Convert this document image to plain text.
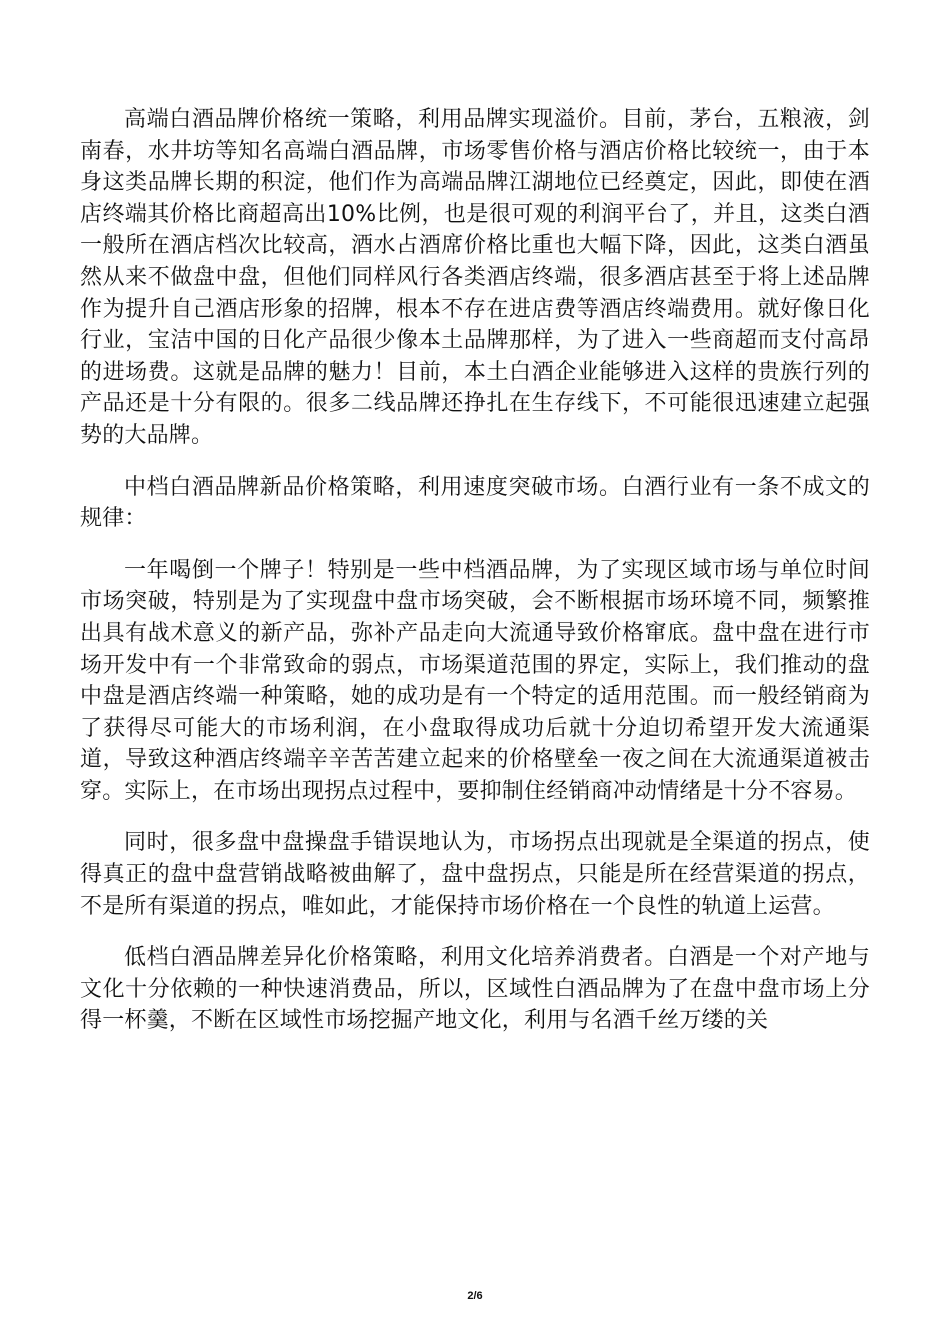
高端白酒品牌价格统一策略，利用品牌实现溢价。目前，茅台，五粮液，剑南春，水井坊等知名高端白酒品牌，市场零售价格与酒店价格比较统一，由于本身这类品牌长期的积淀，他们作为高端品牌江湖地位已经奠定，因此，即使在酒店终端其价格比商超高出10%比例，也是很可观的利润平台了，并且，这类白酒一般所在酒店档次比较高，酒水占酒席价格比重也大幅下降，因此，这类白酒虽然从来不做盘中盘，但他们同样风行各类酒店终端，很多酒店甚至于将上述品牌作为提升自己酒店形象的招牌，根本不存在进店费等酒店终端费用。就好像日化行业，宝洁中国的日化产品很少像本土品牌那样，为了进入一些商超而支付高昂的进场费。这就是品牌的魅力！目前，本土白酒企业能够进入这样的贵族行列的产品还是十分有限的。很多二线品牌还挣扎在生存线下，不可能很迅速建立起强势的大品牌。

中档白酒品牌新品价格策略，利用速度突破市场。白酒行业有一条不成文的规律：

一年喝倒一个牌子！特别是一些中档酒品牌，为了实现区域市场与单位时间市场突破，特别是为了实现盘中盘市场突破，会不断根据市场环境不同，频繁推出具有战术意义的新产品，弥补产品走向大流通导致价格窜底。盘中盘在进行市场开发中有一个非常致命的弱点，市场渠道范围的界定，实际上，我们推动的盘中盘是酒店终端一种策略，她的成功是有一个特定的适用范围。而一般经销商为了获得尽可能大的市场利润，在小盘取得成功后就十分迫切希望开发大流通渠道，导致这种酒店终端辛辛苦苦建立起来的价格壁垒一夜之间在大流通渠道被击穿。实际上，在市场出现拐点过程中，要抑制住经销商冲动情绪是十分不容易。

同时，很多盘中盘操盘手错误地认为，市场拐点出现就是全渠道的拐点，使得真正的盘中盘营销战略被曲解了，盘中盘拐点，只能是所在经营渠道的拐点，不是所有渠道的拐点，唯如此，才能保持市场价格在一个良性的轨道上运营。

低档白酒品牌差异化价格策略，利用文化培养消费者。白酒是一个对产地与文化十分依赖的一种快速消费品，所以，区域性白酒品牌为了在盘中盘市场上分得一杯羹，不断在区域性市场挖掘产地文化，利用与名酒千丝万缕的关

2/6
